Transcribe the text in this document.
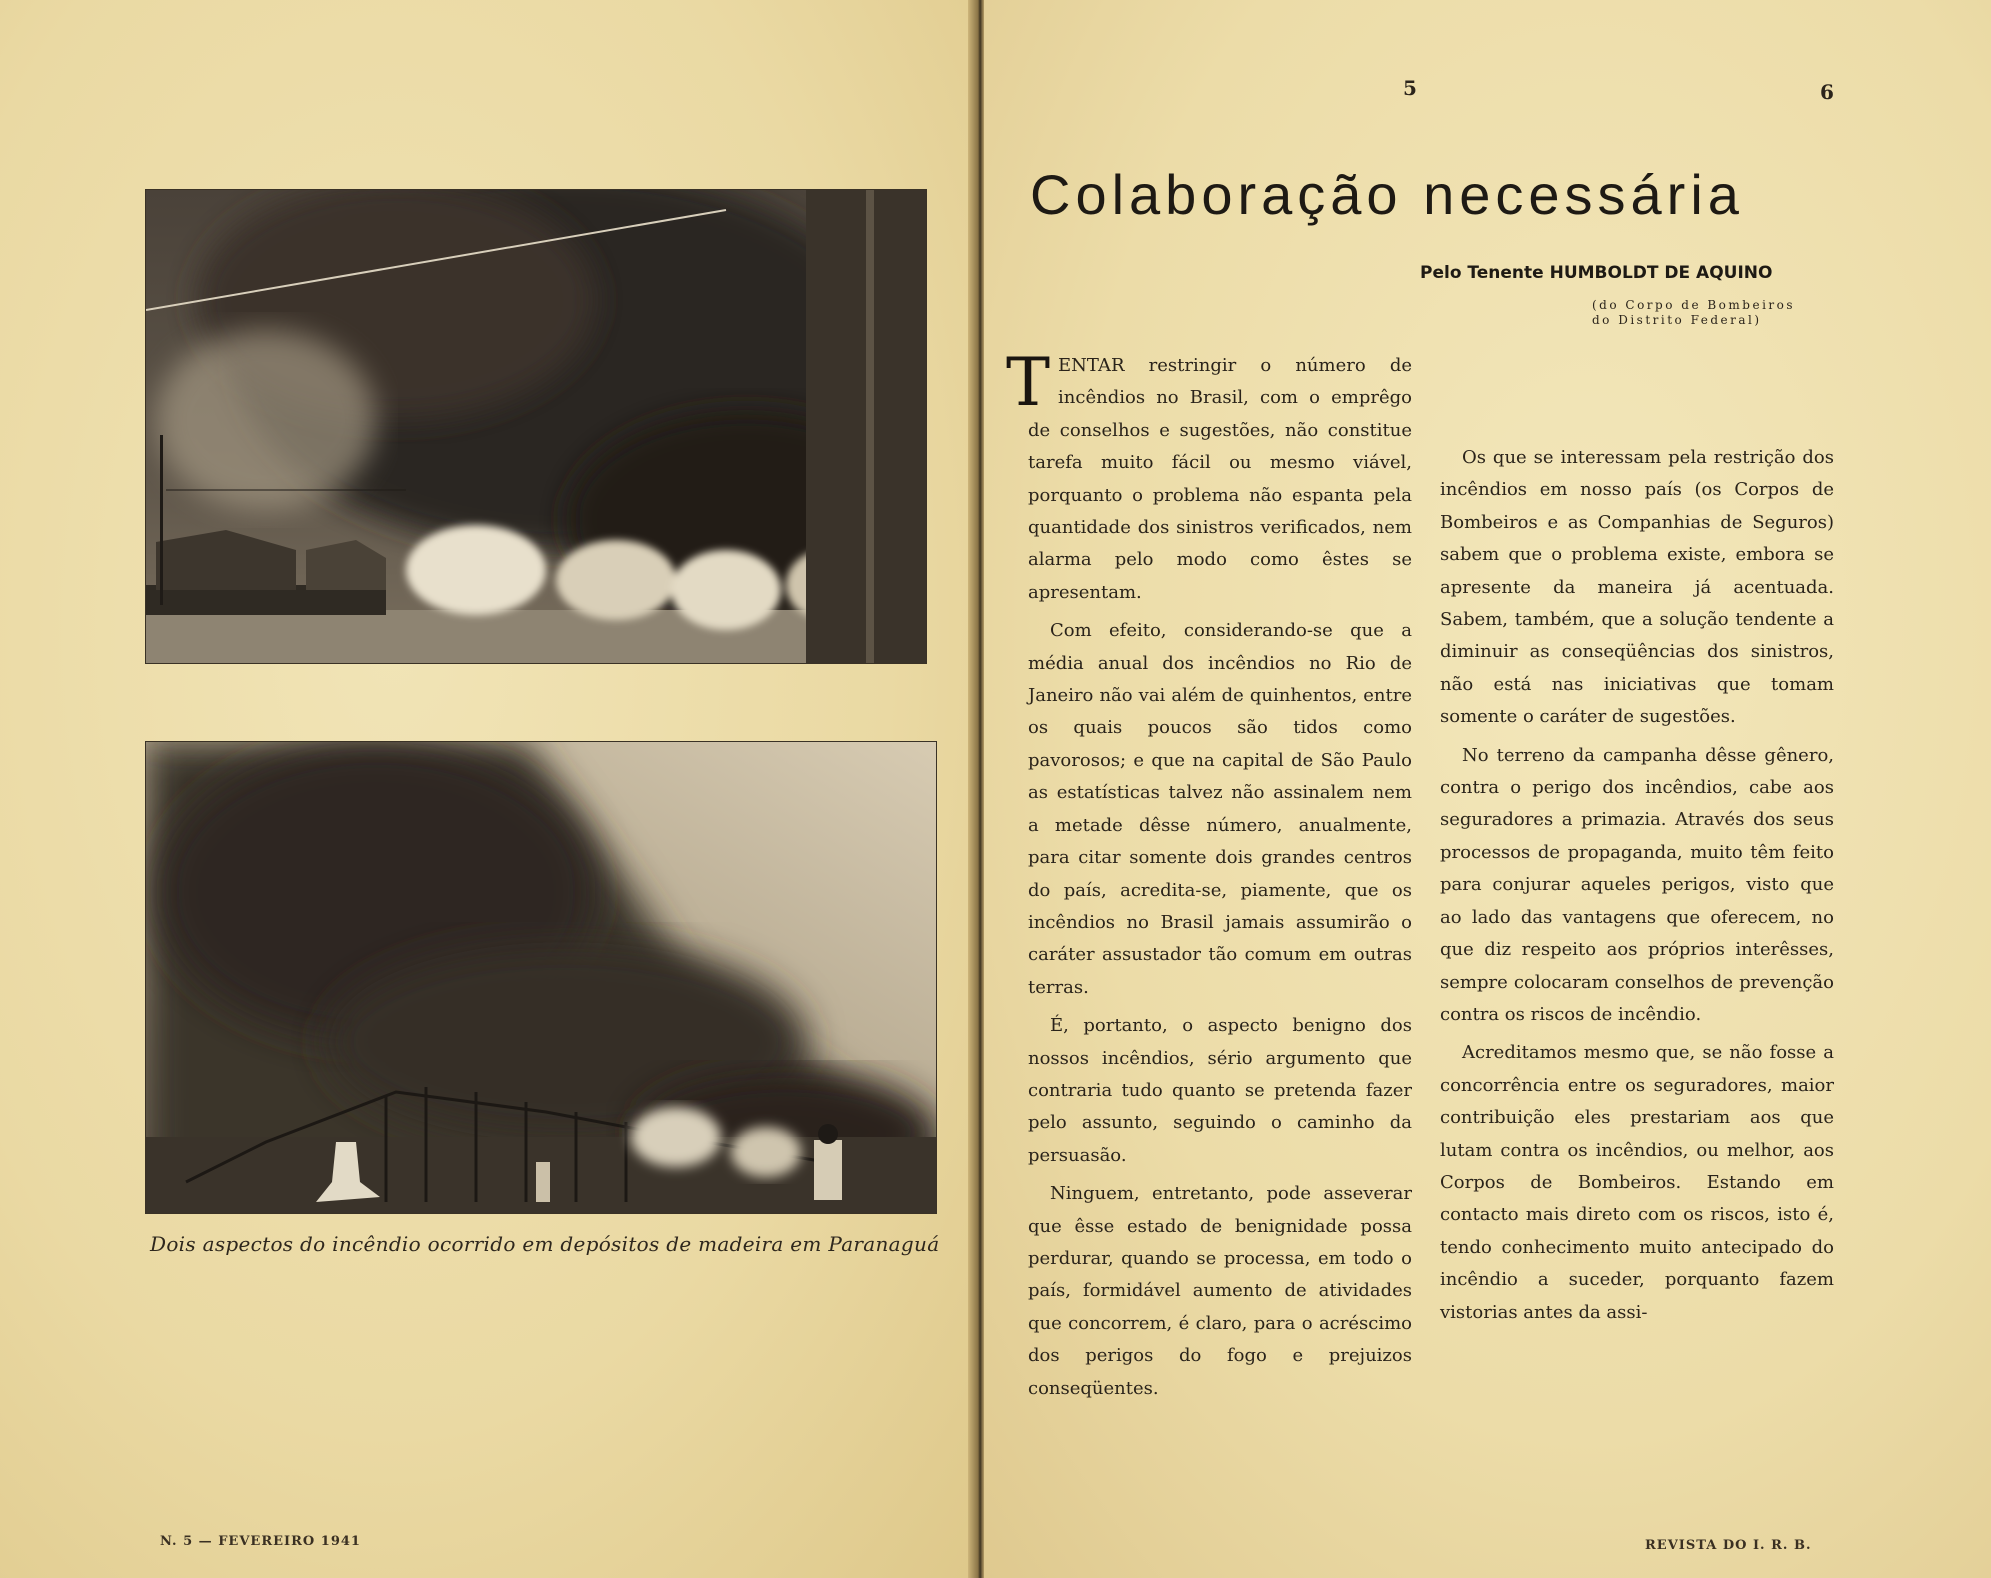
Dois aspectos do incêndio ocorrido em depósitos de madeira em Paranaguá
N. 5 — FEVEREIRO 1941
5	6
Colaboração necessária
Pelo Tenente HUMBOLDT DE AQUINO
(do Corpo de Bombeiros
do Distrito Federal)

TENTAR restringir o número de incêndios no Brasil, com o emprêgo de conselhos e sugestões, não constitue tarefa muito fácil ou mesmo viável, porquanto o problema não espanta pela quantidade dos sinistros verificados, nem alarma pelo modo como êstes se apresentam.

Com efeito, considerando-se que a média anual dos incêndios no Rio de Janeiro não vai além de quinhentos, entre os quais poucos são tidos como pavorosos; e que na capital de São Paulo as estatísticas talvez não assinalem nem a metade dêsse número, anualmente, para citar somente dois grandes centros do país, acredita-se, piamente, que os incêndios no Brasil jamais assumirão o caráter assustador tão comum em outras terras.

É, portanto, o aspecto benigno dos nossos incêndios, sério argumento que contraria tudo quanto se pretenda fazer pelo assunto, seguindo o caminho da persuasão.

Ninguem, entretanto, pode asseverar que êsse estado de benignidade possa perdurar, quando se processa, em todo o país, formidável aumento de atividades que concorrem, é claro, para o acréscimo dos perigos do fogo e prejuizos conseqüentes.

Os que se interessam pela restrição dos incêndios em nosso país (os Corpos de Bombeiros e as Companhias de Seguros) sabem que o problema existe, embora se apresente da maneira já acentuada. Sabem, também, que a solução tendente a diminuir as conseqüências dos sinistros, não está nas iniciativas que tomam somente o caráter de sugestões.

No terreno da campanha dêsse gênero, contra o perigo dos incêndios, cabe aos seguradores a primazia. Através dos seus processos de propaganda, muito têm feito para conjurar aqueles perigos, visto que ao lado das vantagens que oferecem, no que diz respeito aos próprios interêsses, sempre colocaram conselhos de prevenção contra os riscos de incêndio.

Acreditamos mesmo que, se não fosse a concorrência entre os seguradores, maior contribuição eles prestariam aos que lutam contra os incêndios, ou melhor, aos Corpos de Bombeiros. Estando em contacto mais direto com os riscos, isto é, tendo conhecimento muito antecipado do incêndio a suceder, porquanto fazem vistorias antes da assi-

REVISTA DO I. R. B.
